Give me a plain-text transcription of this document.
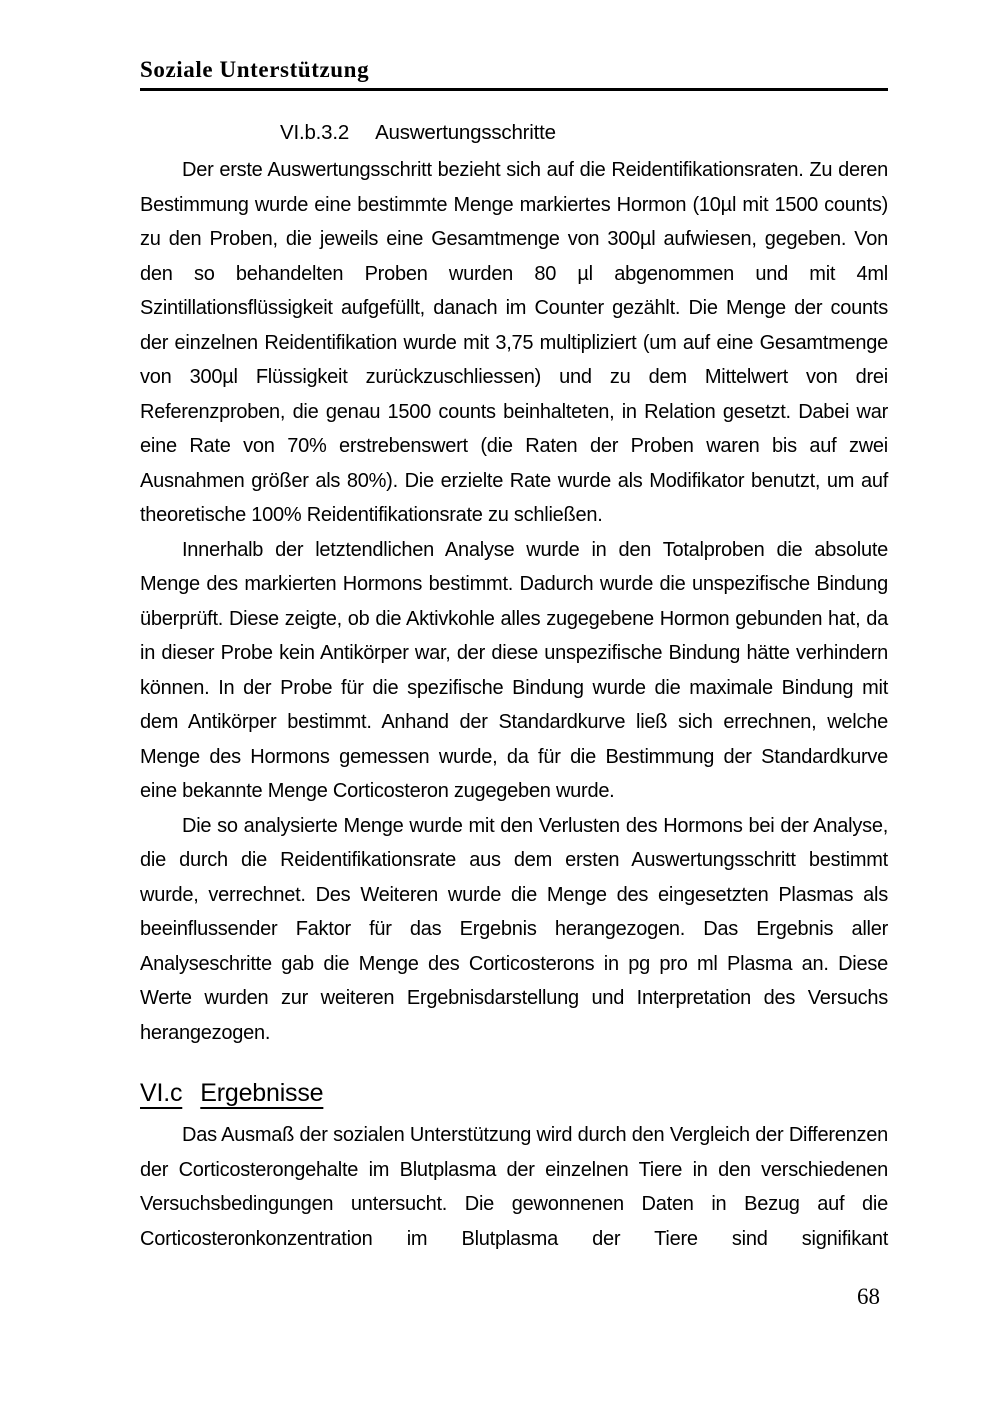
Soziale Unterstützung
VI.b.3.2 Auswertungsschritte

Der erste Auswertungsschritt bezieht sich auf die Reidentifikationsraten. Zu deren Bestimmung wurde eine bestimmte Menge markiertes Hormon (10µl mit 1500 counts) zu den Proben, die jeweils eine Gesamtmenge von 300µl aufwiesen, gegeben. Von den so behandelten Proben wurden 80 µl abgenommen und mit 4ml Szintillationsflüssigkeit aufgefüllt, danach im Counter gezählt. Die Menge der counts der einzelnen Reidentifikation wurde mit 3,75 multipliziert (um auf eine Gesamtmenge von 300µl Flüssigkeit zurückzuschliessen) und zu dem Mittelwert von drei Referenzproben, die genau 1500 counts beinhalteten, in Relation gesetzt. Dabei war eine Rate von 70% erstrebenswert (die Raten der Proben waren bis auf zwei Ausnahmen größer als 80%). Die erzielte Rate wurde als Modifikator benutzt, um auf theoretische 100% Reidentifikationsrate zu schließen.

Innerhalb der letztendlichen Analyse wurde in den Totalproben die absolute Menge des markierten Hormons bestimmt. Dadurch wurde die unspezifische Bindung überprüft. Diese zeigte, ob die Aktivkohle alles zugegebene Hormon gebunden hat, da in dieser Probe kein Antikörper war, der diese unspezifische Bindung hätte verhindern können. In der Probe für die spezifische Bindung wurde die maximale Bindung mit dem Antikörper bestimmt. Anhand der Standardkurve ließ sich errechnen, welche Menge des Hormons gemessen wurde, da für die Bestimmung der Standardkurve eine bekannte Menge Corticosteron zugegeben wurde.

Die so analysierte Menge wurde mit den Verlusten des Hormons bei der Analyse, die durch die Reidentifikationsrate aus dem ersten Auswertungsschritt bestimmt wurde, verrechnet. Des Weiteren wurde die Menge des eingesetzten Plasmas als beeinflussender Faktor für das Ergebnis herangezogen. Das Ergebnis aller Analyseschritte gab die Menge des Corticosterons in pg pro ml Plasma an. Diese Werte wurden zur weiteren Ergebnisdarstellung und Interpretation des Versuchs herangezogen.

VI.c Ergebnisse

Das Ausmaß der sozialen Unterstützung wird durch den Vergleich der Differenzen der Corticosterongehalte im Blutplasma der einzelnen Tiere in den verschiedenen Versuchsbedingungen untersucht. Die gewonnenen Daten in Bezug auf die Corticosteronkonzentration im Blutplasma der Tiere sind signifikant

68
